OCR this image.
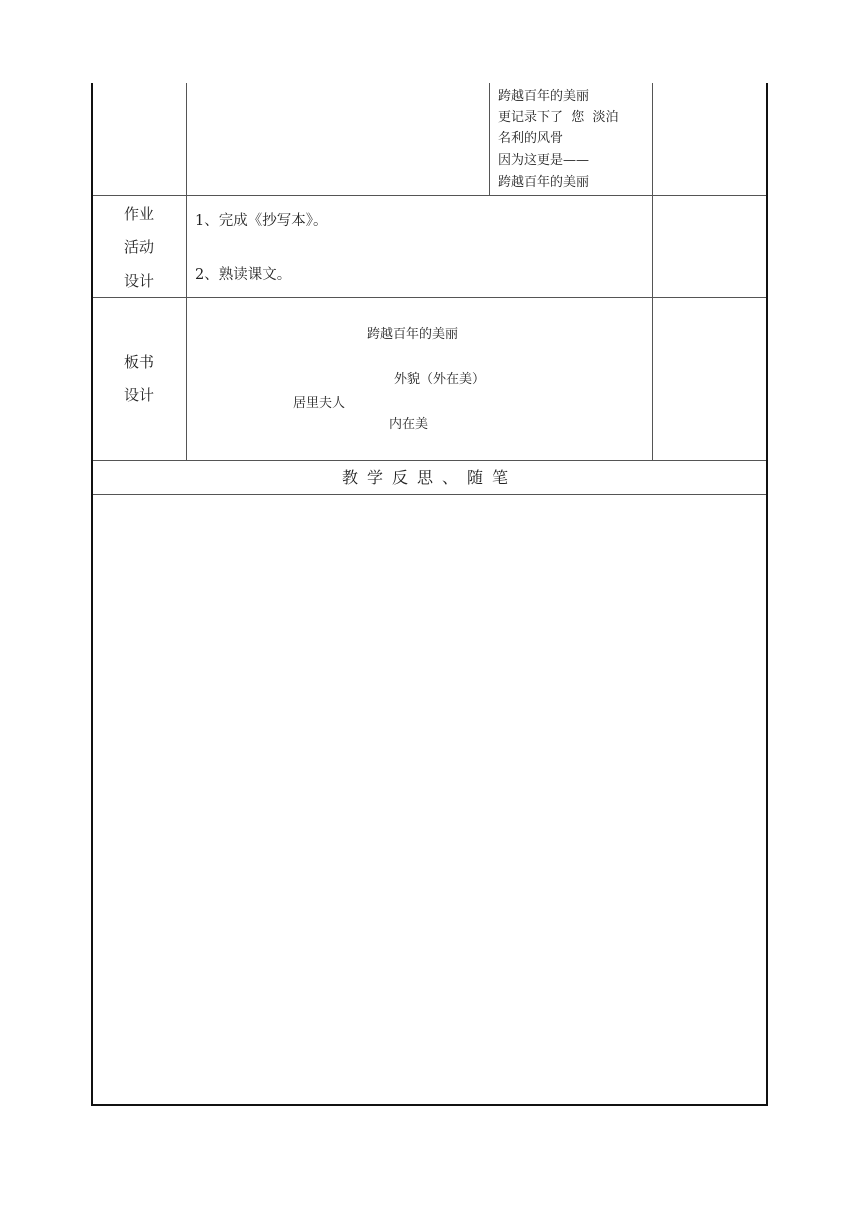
跨越百年的美丽
更记录下了  您  淡泊
名利的风骨
因为这更是——
跨越百年的美丽
作业
活动
设计
1、完成《抄写本》。
2、熟读课文。
板书
设计
跨越百年的美丽
外貌（外在美）
居里夫人
内在美
教学反思、随笔
